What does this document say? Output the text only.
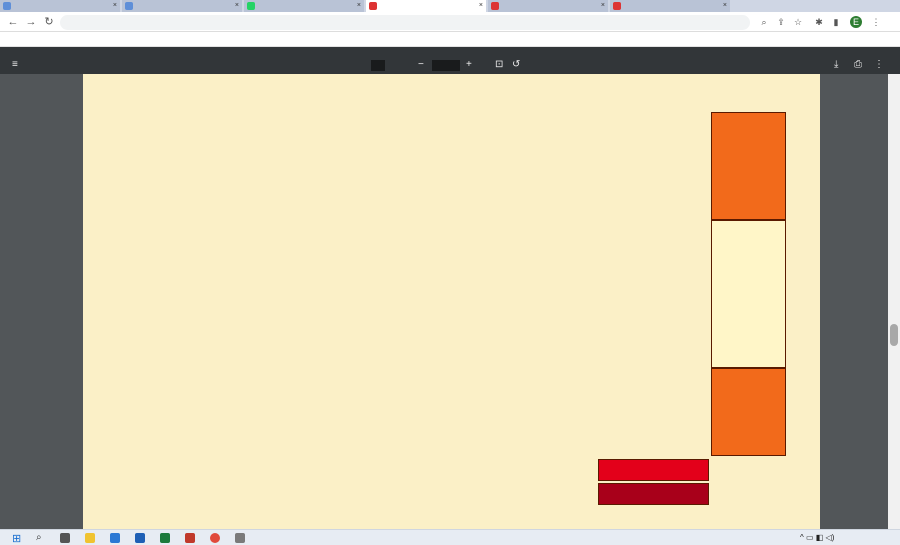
×	×	×	×	×	×
← → ↻	⌕	⇪ ☆ ✱	▮	E	⋮
≡	−	+ ⊡ ↺	⤓ ⎙ ⋮
⊞ ⌕	^ ▭ ◧ ◁)
